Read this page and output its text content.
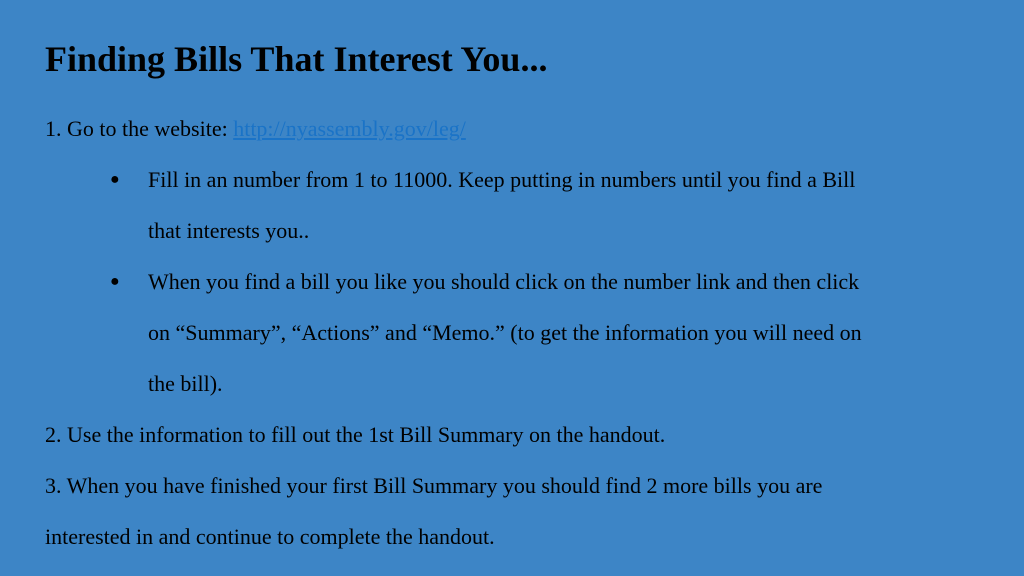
Finding Bills That Interest You...
1. Go to the website: http://nyassembly.gov/leg/
● Fill in an number from 1 to 11000. Keep putting in numbers until you find a Bill
that interests you..
● When you find a bill you like you should click on the number link and then click
on “Summary”, “Actions” and “Memo.” (to get the information you will need on
the bill).
2. Use the information to fill out the 1st Bill Summary on the handout.
3. When you have finished your first Bill Summary you should find 2 more bills you are
interested in and continue to complete the handout.
